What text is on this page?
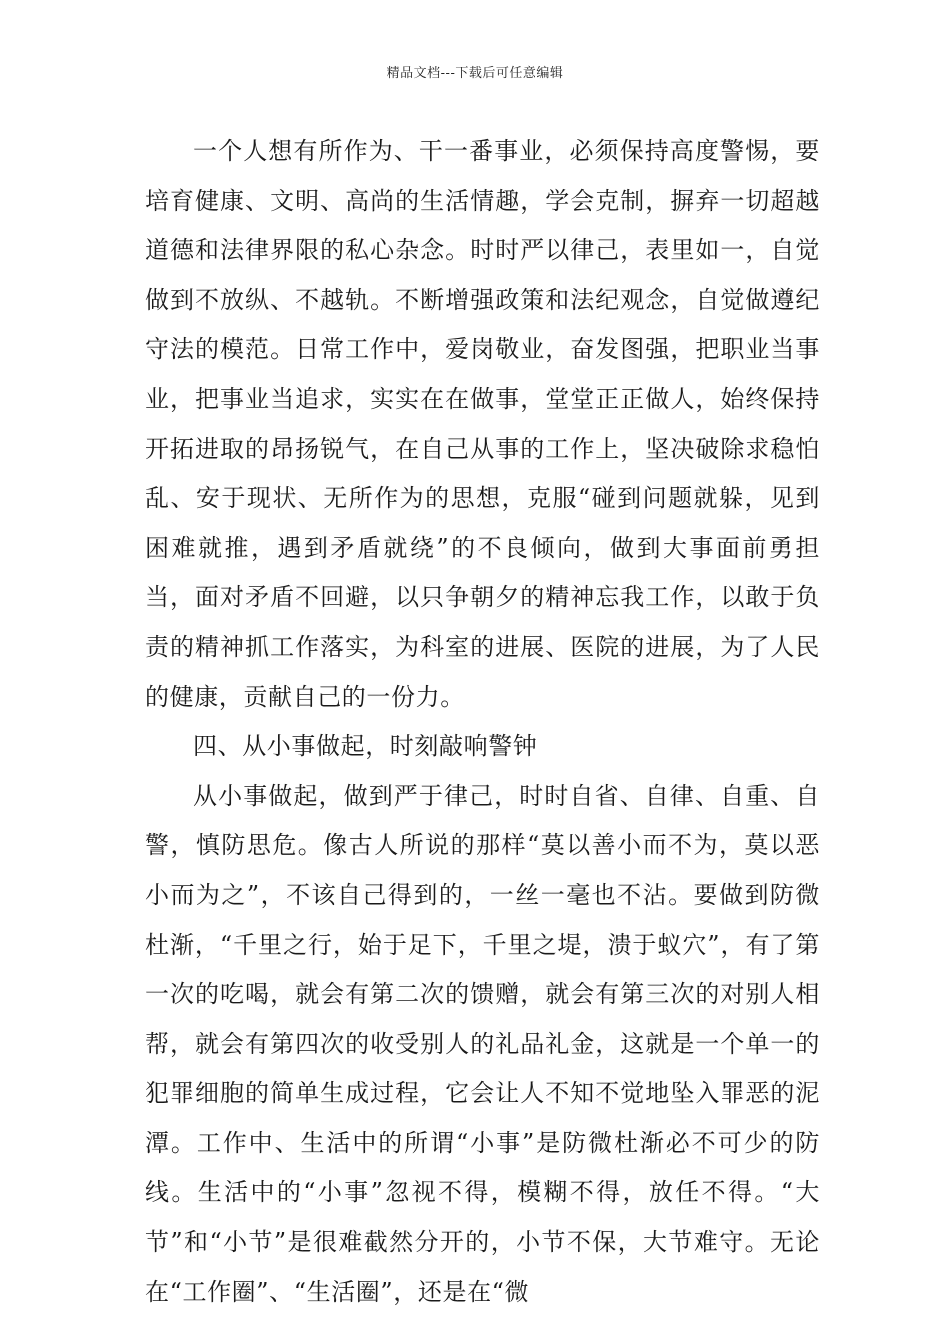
精品文档---下载后可任意编辑

一个人想有所作为、干一番事业，必须保持高度警惕，要培育健康、文明、高尚的生活情趣，学会克制，摒弃一切超越道德和法律界限的私心杂念。时时严以律己，表里如一，自觉做到不放纵、不越轨。不断增强政策和法纪观念，自觉做遵纪守法的模范。日常工作中，爱岗敬业，奋发图强，把职业当事业，把事业当追求，实实在在做事，堂堂正正做人，始终保持开拓进取的昂扬锐气，在自己从事的工作上，坚决破除求稳怕乱、安于现状、无所作为的思想，克服“碰到问题就躲，见到困难就推，遇到矛盾就绕”的不良倾向，做到大事面前勇担当，面对矛盾不回避，以只争朝夕的精神忘我工作，以敢于负责的精神抓工作落实，为科室的进展、医院的进展，为了人民的健康，贡献自己的一份力。

四、从小事做起，时刻敲响警钟

从小事做起，做到严于律己，时时自省、自律、自重、自警，慎防思危。像古人所说的那样“莫以善小而不为，莫以恶小而为之”，不该自己得到的，一丝一毫也不沾。要做到防微杜渐，“千里之行，始于足下，千里之堤，溃于蚁穴”，有了第一次的吃喝，就会有第二次的馈赠，就会有第三次的对别人相帮，就会有第四次的收受别人的礼品礼金，这就是一个单一的犯罪细胞的简单生成过程，它会让人不知不觉地坠入罪恶的泥潭。工作中、生活中的所谓“小事”是防微杜渐必不可少的防线。生活中的“小事”忽视不得，模糊不得，放任不得。“大节”和“小节”是很难截然分开的，小节不保，大节难守。无论在“工作圈”、“生活圈”，还是在“微
